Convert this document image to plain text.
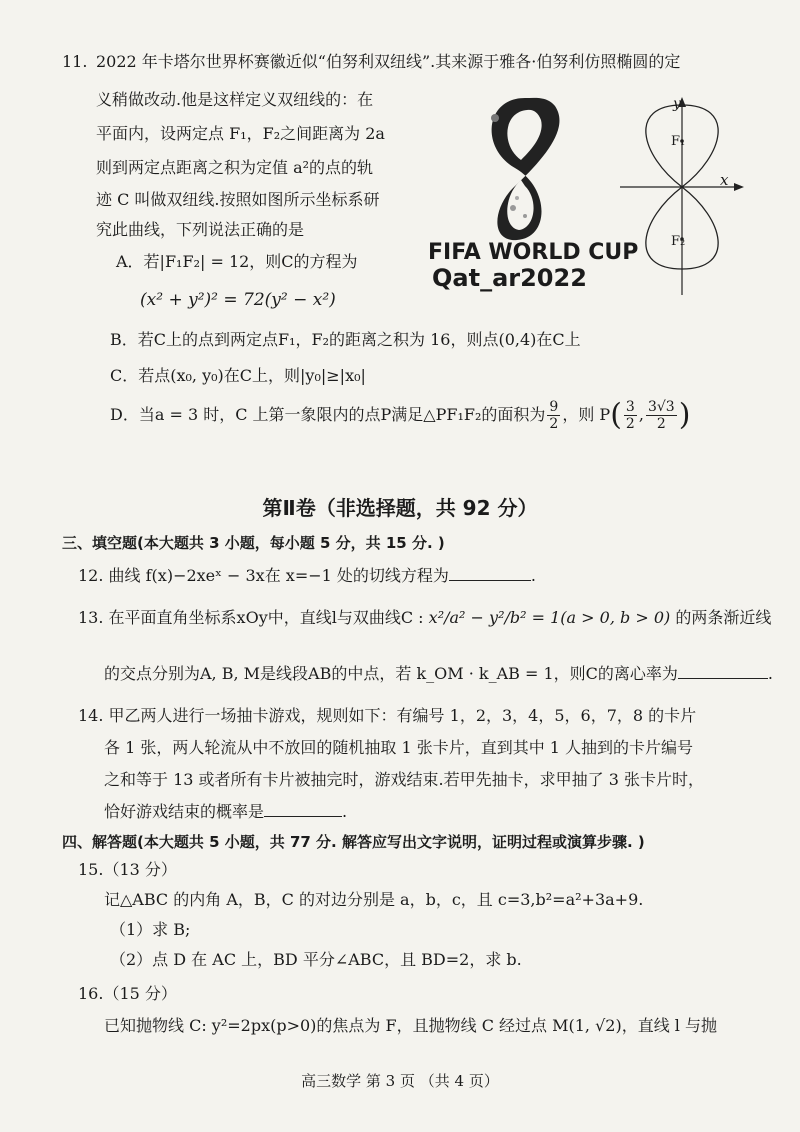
11. 2022 年卡塔尔世界杯赛徽近似“伯努利双纽线”.其来源于雅各·伯努利仿照椭圆的定
义稍做改动.他是这样定义双纽线的：在
平面内，设两定点 F₁，F₂之间距离为 2a
则到两定点距离之积为定值 a²的点的轨
迹 C 叫做双纽线.按照如图所示坐标系研
究此曲线，下列说法正确的是
A．若|F₁F₂| = 12，则C的方程为
(x² + y²)² = 72(y² − x²)
B．若C上的点到两定点F₁，F₂的距离之积为 16，则点(0,4)在C上
C．若点(x₀, y₀)在C上，则|y₀|≥|x₀|
D．当a = 3 时，C 上第一象限内的点P满足△PF₁F₂的面积为 $\frac{9}{2}$ ，则 $P( \frac{3}{2}$ , $\frac{3√3}{2}$ )
FIFA WORLD CUP
Qat_ar2022
y
x
F₁
F₂
第Ⅱ卷（非选择题，共 92 分）
三、填空题(本大题共 3 小题，每小题 5 分，共 15 分. )
12. 曲线 f(x)−2xeˣ − 3x在 x=−1 处的切线方程为	.
13. 在平面直角坐标系xOy中，直线l与双曲线C : x²/a² − y²/b² = 1(a > 0, b > 0) 的两条渐近线
的交点分别为A, B, M是线段AB的中点，若 k_OM · k_AB = 1，则C的离心率为	.
14. 甲乙两人进行一场抽卡游戏，规则如下：有编号 1，2，3，4，5，6，7，8 的卡片
各 1 张，两人轮流从中不放回的随机抽取 1 张卡片，直到其中 1 人抽到的卡片编号
之和等于 13 或者所有卡片被抽完时，游戏结束.若甲先抽卡，求甲抽了 3 张卡片时，
恰好游戏结束的概率是	.
四、解答题(本大题共 5 小题，共 77 分. 解答应写出文字说明，证明过程或演算步骤. )
15.（13 分）
记△ABC 的内角 A，B，C 的对边分别是 a，b，c，且 c=3,b²=a²+3a+9.
（1）求 B;
（2）点 D 在 AC 上，BD 平分∠ABC，且 BD=2，求 b.
16.（15 分）
已知抛物线 C: y²=2px(p>0)的焦点为 F，且抛物线 C 经过点 M(1, √2)，直线 l 与抛
高三数学 第 3 页 （共 4 页）
